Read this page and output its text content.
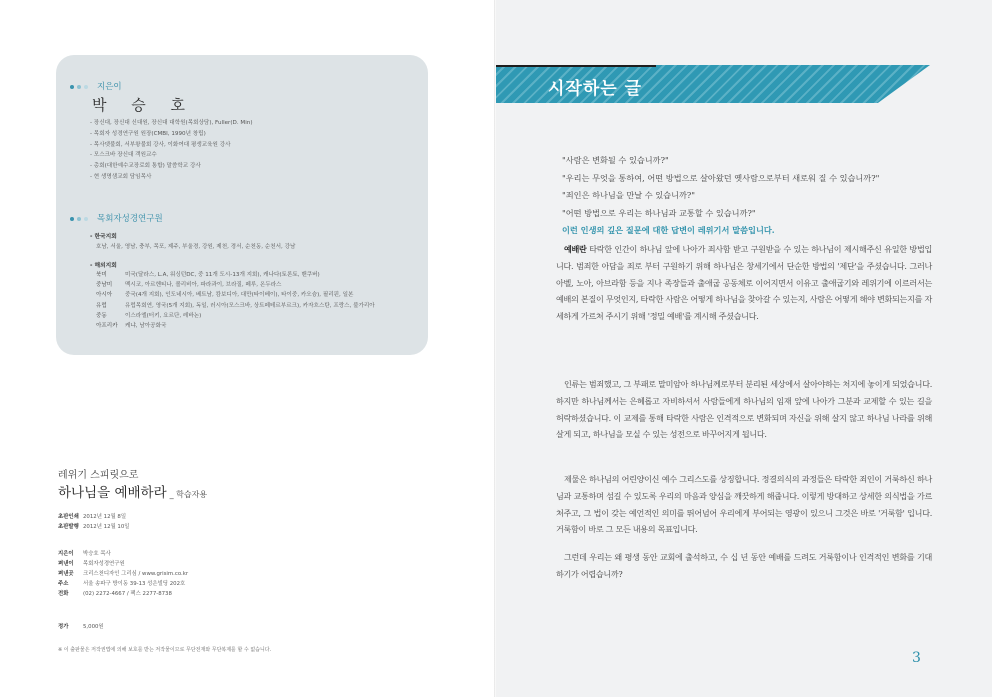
지은이
박 승 호
- 장신대, 장신대 신대원, 장신대 대학원(목회상담), Fuller(D. Min)
- 목회자 성경연구원 원장(CMBI, 1990년 창립)
- 목사댓불회, 서부왕불회 강사, 이화여대 평생교육원 강사
- 모스크바 장신대 객원교수
- 총회(대한예수교장로회 통합) 말씀학교 강사
- 현 생명샘교회 담임목사
목회자성경연구원
- 한국지회
호남, 서울, 영남, 충부, 목포, 제주, 부울경, 강원, 제천, 경서, 순천동, 순천서, 강남
- 해외지회
북미	미국(달라스, L.A, 워싱턴DC, 중 11개 도시-13개 지회), 캐나다(토론토, 밴쿠버)
중남미	멕시코, 아르헨티나, 볼리비아, 파라과이, 브라질, 페루, 온두라스
아시아	중국(4개 지회), 인도네시아, 베트남, 캄보디아, 대만(타이베이), 타이중, 카오슝), 필리핀, 일본
유럽	유럽목회연, 영국(5개 지회), 독일, 러시아(모스크바, 상트페테르부르크), 카자흐스탄, 프랑스, 불가리아
중동	이스라엘(터키, 요르단, 레바논)
아프리카	케냐, 남아공화국
레위기 스피릿으로
하나님을 예배하라 _ 학습자용
초판인쇄 2012년 12월 8일
초판발행 2012년 12월 10일
지은이 박승호 목사
펴낸이 목회자성경연구원
펴낸곳 크리스천디자인 그리심 / www.grisim.co.kr
주소	서울 송파구 방이동 39-13 성은빌딩 202호
전화	(02) 2272-4667 / 팩스 2277-8738
정가	5,000원
※ 이 출판물은 저작권법에 의해 보호를 받는 저작물이므로 무단전재와 무단복제를 할 수 없습니다.
시작하는 글
"사람은 변화될 수 있습니까?"
"우리는 무엇을 통하여, 어떤 방법으로 살아왔던 옛사람으로부터 새로워 질 수 있습니까?"
"죄인은 하나님을 만날 수 있습니까?"
"어떤 방법으로 우리는 하나님과 교통할 수 있습니까?"
이런 인생의 깊은 질문에 대한 답변이 레위기서 말씀입니다.

예배란 타락한 인간이 하나님 앞에 나아가 죄사함 받고 구원받을 수 있는 하나님이 제시해주신 유일한 방법입니다. 범죄한 아담을 죄로 부터 구원하기 위해 하나님은 창세기에서 단순한 방법의 '제단'을 주셨습니다. 그러나 아벨, 노아, 아브라함 등을 지나 족장들과 출애굽 공동체로 이어지면서 이유고 출애굽기와 레위기에 이르러서는 예배의 본질이 무엇인지, 타락한 사람은 어떻게 하나님을 찾아갈 수 있는지, 사람은 어떻게 해야 변화되는지를 자세하게 가르쳐 주시기 위해 '정밀 예배'를 계시해 주셨습니다.

인류는 범죄했고, 그 부패로 말미암아 하나님께로부터 분리된 세상에서 살아야하는 처지에 놓이게 되었습니다. 하지만 하나님께서는 은혜롭고 자비하셔서 사람들에게 하나님의 임재 앞에 나아가 그분과 교제할 수 있는 길을 허락하셨습니다. 이 교제를 통해 타락한 사람은 인격적으로 변화되며 자신을 위해 살지 않고 하나님 나라를 위해 살게 되고, 하나님을 모실 수 있는 성전으로 바꾸어지게 됩니다.

제물은 하나님의 어린양이신 예수 그리스도를 상징합니다. 정결의식의 과정들은 타락한 죄인이 거룩하신 하나님과 교통하며 섬길 수 있도록 우리의 마음과 양심을 깨끗하게 해줍니다. 이렇게 방대하고 상세한 의식법을 가르쳐주고, 그 법이 갖는 예언적인 의미를 뛰어넘어 우리에게 부어되는 영광이 있으니 그것은 바로 '거룩함' 입니다. 거룩함이 바로 그 모든 내용의 목표입니다.

그런데 우리는 왜 평생 동안 교회에 출석하고, 수 십 년 동안 예배를 드려도 거룩함이나 인격적인 변화를 기대하기가 어렵습니까?

3
